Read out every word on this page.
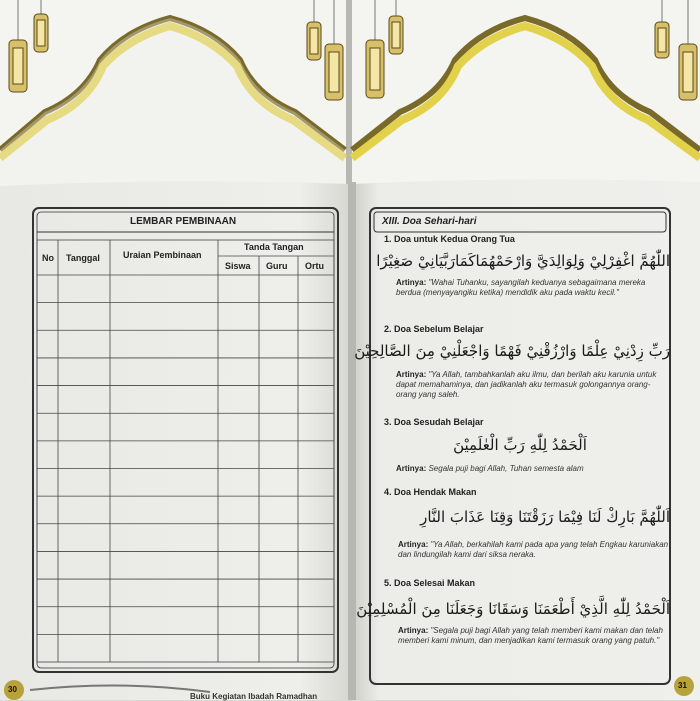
LEMBAR PEMBINAAN
No Tanggal	Uraian Pembinaan
Tanda Tangan
Siswa Guru Ortu
30
Buku Kegiatan Ibadah Ramadhan
XIII. Doa Sehari-hari
1. Doa untuk Kedua Orang Tua
اللّٰهُمَّ اغْفِرْلِيْ وَلِوَالِدَيَّ وَارْحَمْهُمَاكَمَارَبَّيَانِيْ صَغِيْرًا
Artinya: "Wahai Tuhanku, sayangilah keduanya sebagaimana mereka berdua (menyayangiku ketika) mendidik aku pada waktu kecil."
2. Doa Sebelum Belajar
رَبِّ زِدْنِيْ عِلْمًا وَارْزُقْنِيْ فَهْمًا وَاجْعَلْنِيْ مِنَ الصَّالِحِيْنَ
Artinya: "Ya Allah, tambahkanlah aku ilmu, dan berilah aku karunia untuk dapat memahaminya, dan jadikanlah aku termasuk golongannya orang-orang yang saleh.
3. Doa Sesudah Belajar
اَلْحَمْدُ لِلّٰهِ رَبِّ الْعٰلَمِيْنَ
Artinya: Segala puji bagi Allah, Tuhan semesta alam
4. Doa Hendak Makan
اَللّٰهُمَّ بَارِكْ لَنَا فِيْمَا رَزَقْتَنَا وَقِنَا عَذَابَ النَّارِ
Artinya: "Ya Allah, berkahilah kami pada apa yang telah Engkau karuniakan dan lindungilah kami dari siksa neraka.
5. Doa Selesai Makan
اَلْحَمْدُ لِلّٰهِ الَّذِيْ أَطْعَمَنَا وَسَقَانَا وَجَعَلَنَا مِنَ الْمُسْلِمِيْنَ
Artinya: "Segala puji bagi Allah yang telah memberi kami makan dan telah memberi kami minum, dan menjadikan kami termasuk orang yang patuh."
31
